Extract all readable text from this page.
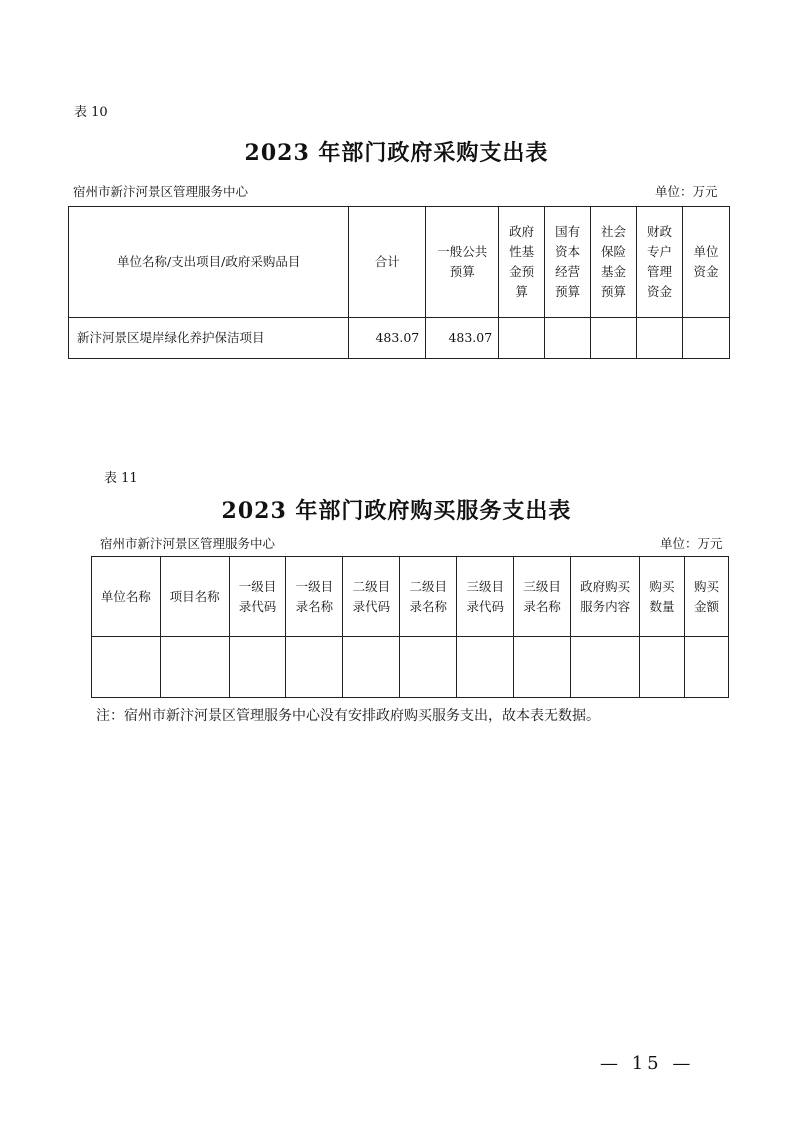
表 10
2023 年部门政府采购支出表
宿州市新汴河景区管理服务中心	单位：万元
单位名称/支出项目/政府采购品目	合计	一般公共预算	政府性基金预算	国有资本经营预算	社会保险基金预算	财政专户管理资金	单位资金
新汴河景区堤岸绿化养护保洁项目	483.07	483.07					
表 11
2023 年部门政府购买服务支出表
宿州市新汴河景区管理服务中心	单位：万元
单位名称	项目名称	一级目录代码	一级目录名称	二级目录代码	二级目录名称	三级目录代码	三级目录名称	政府购买服务内容	购买数量	购买金额

注：宿州市新汴河景区管理服务中心没有安排政府购买服务支出，故本表无数据。
— 15 —
